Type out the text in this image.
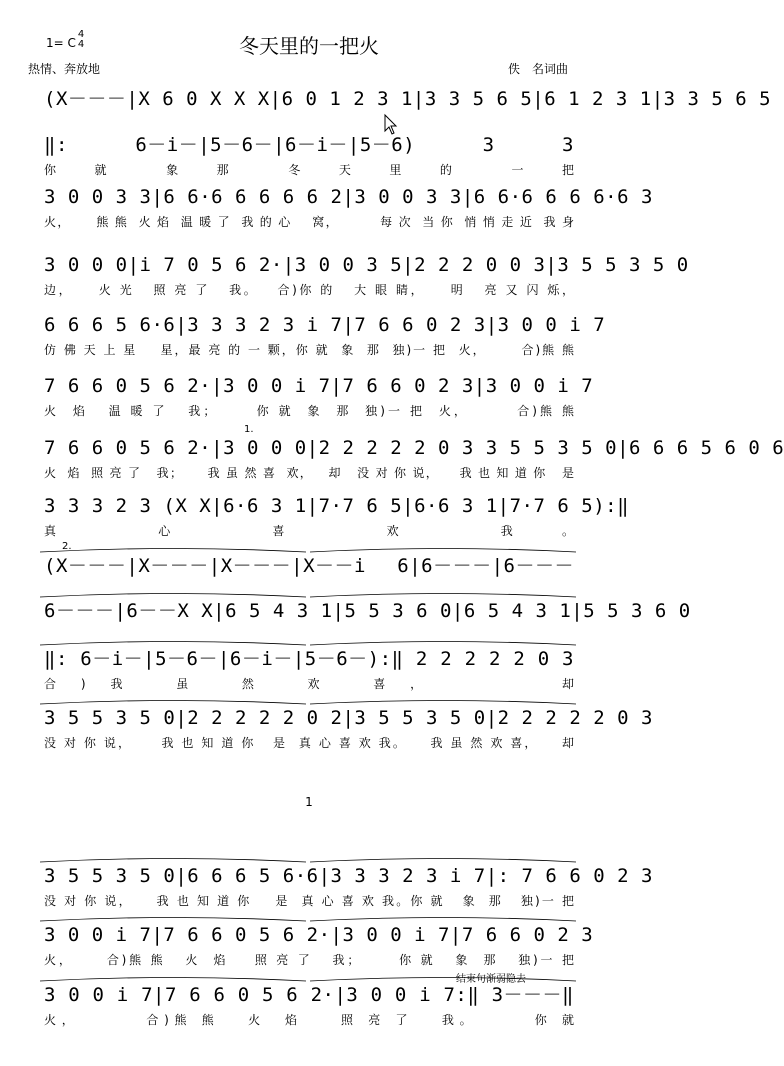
1= C
4
4	冬天里的一把火
热情、奔放地	佚　名词曲
(X－－－|X 6 0 X X X|6 0 1 2 3 1|3 3 5 6 5|6 1 2 3 1|3 3 5 6 5
‖: 6－i－|5－6－|6－i－|5－6) 3 3
你 就  象 那  冬 天 里 的  一 把
3 0 0 3 3|6 6·6 6 6 6 6 2|3 0 0 3 3|6 6·6 6 6 6·6 3
火，     熊 熊  火 焰  温 暖 了  我 的 心    窝，        每 次  当 你  悄 悄 走 近  我 身
3 0 0 0|i 7 0 5 6 2·|3 0 0 3 5|2 2 2 0 0 3|3 5 5 3 5 0
边，    火 光   照 亮 了   我。   合)你 的   大 眼 睛，    明   亮 又 闪 烁，
6 6 6 5 6·6|3 3 3 2 3 i 7|7 6 6 0 2 3|3 0 0 i 7
仿 佛 天 上 星    星，最 亮 的 一 颗，你 就  象  那  独)一 把  火，      合)熊 熊
7 6 6 0 5 6 2·|3 0 0 i 7|7 6 6 0 2 3|3 0 0 i 7
火  焰   温 暖 了   我；      你 就  象  那  独)一 把  火，       合)熊 熊
7 6 6 0 5 6 2·|3 0 0 0|2 2 2 2 2 0 3 3 5 5 3 5 0|6 6 6 5 6 0 6
火  焰  照 亮 了   我；     我 虽 然 喜  欢，   却   没 对 你 说，    我 也 知 道 你   是
3 3 3 2 3 (X X|6·6 3 1|7·7 6 5|6·6 3 1|7·7 6 5):‖
真 心 喜 欢 我。
(X－－－|X－－－|X－－－|X－－i 6|6－－－|6－－－
6－－－|6－－X X|6 5 4 3 1|5 5 3 6 0|6 5 4 3 1|5 5 3 6 0
‖: 6－i－|5－6－|6－i－|5－6－):‖ 2 2 2 2 2 0 3
合)我 虽 然 欢 喜，    却
3 5 5 3 5 0|2 2 2 2 2 0 2|3 5 5 3 5 0|2 2 2 2 2 0 3
没 对 你 说，     我 也 知 道 你   是  真 心 喜 欢 我。    我 虽 然 欢 喜，    却
3 5 5 3 5 0|6 6 6 5 6·6|3 3 3 2 3 i 7|: 7 6 6 0 2 3
没 对 你 说，    我 也 知 道 你    是  真 心 喜 欢 我。你 就   象  那   独)一 把
3 0 0 i 7|7 6 6 0 5 6 2·|3 0 0 i 7|7 6 6 0 2 3
火，     合)熊 熊   火  焰    照 亮 了   我；      你 就   象  那   独)一 把
3 0 0 i 7|7 6 6 0 5 6 2·|3 0 0 i 7:‖ 3－－－‖
火，       合)熊 熊   火  焰    照 亮 了   我。      你 就
1.
2.
结束句渐弱隐去
1
